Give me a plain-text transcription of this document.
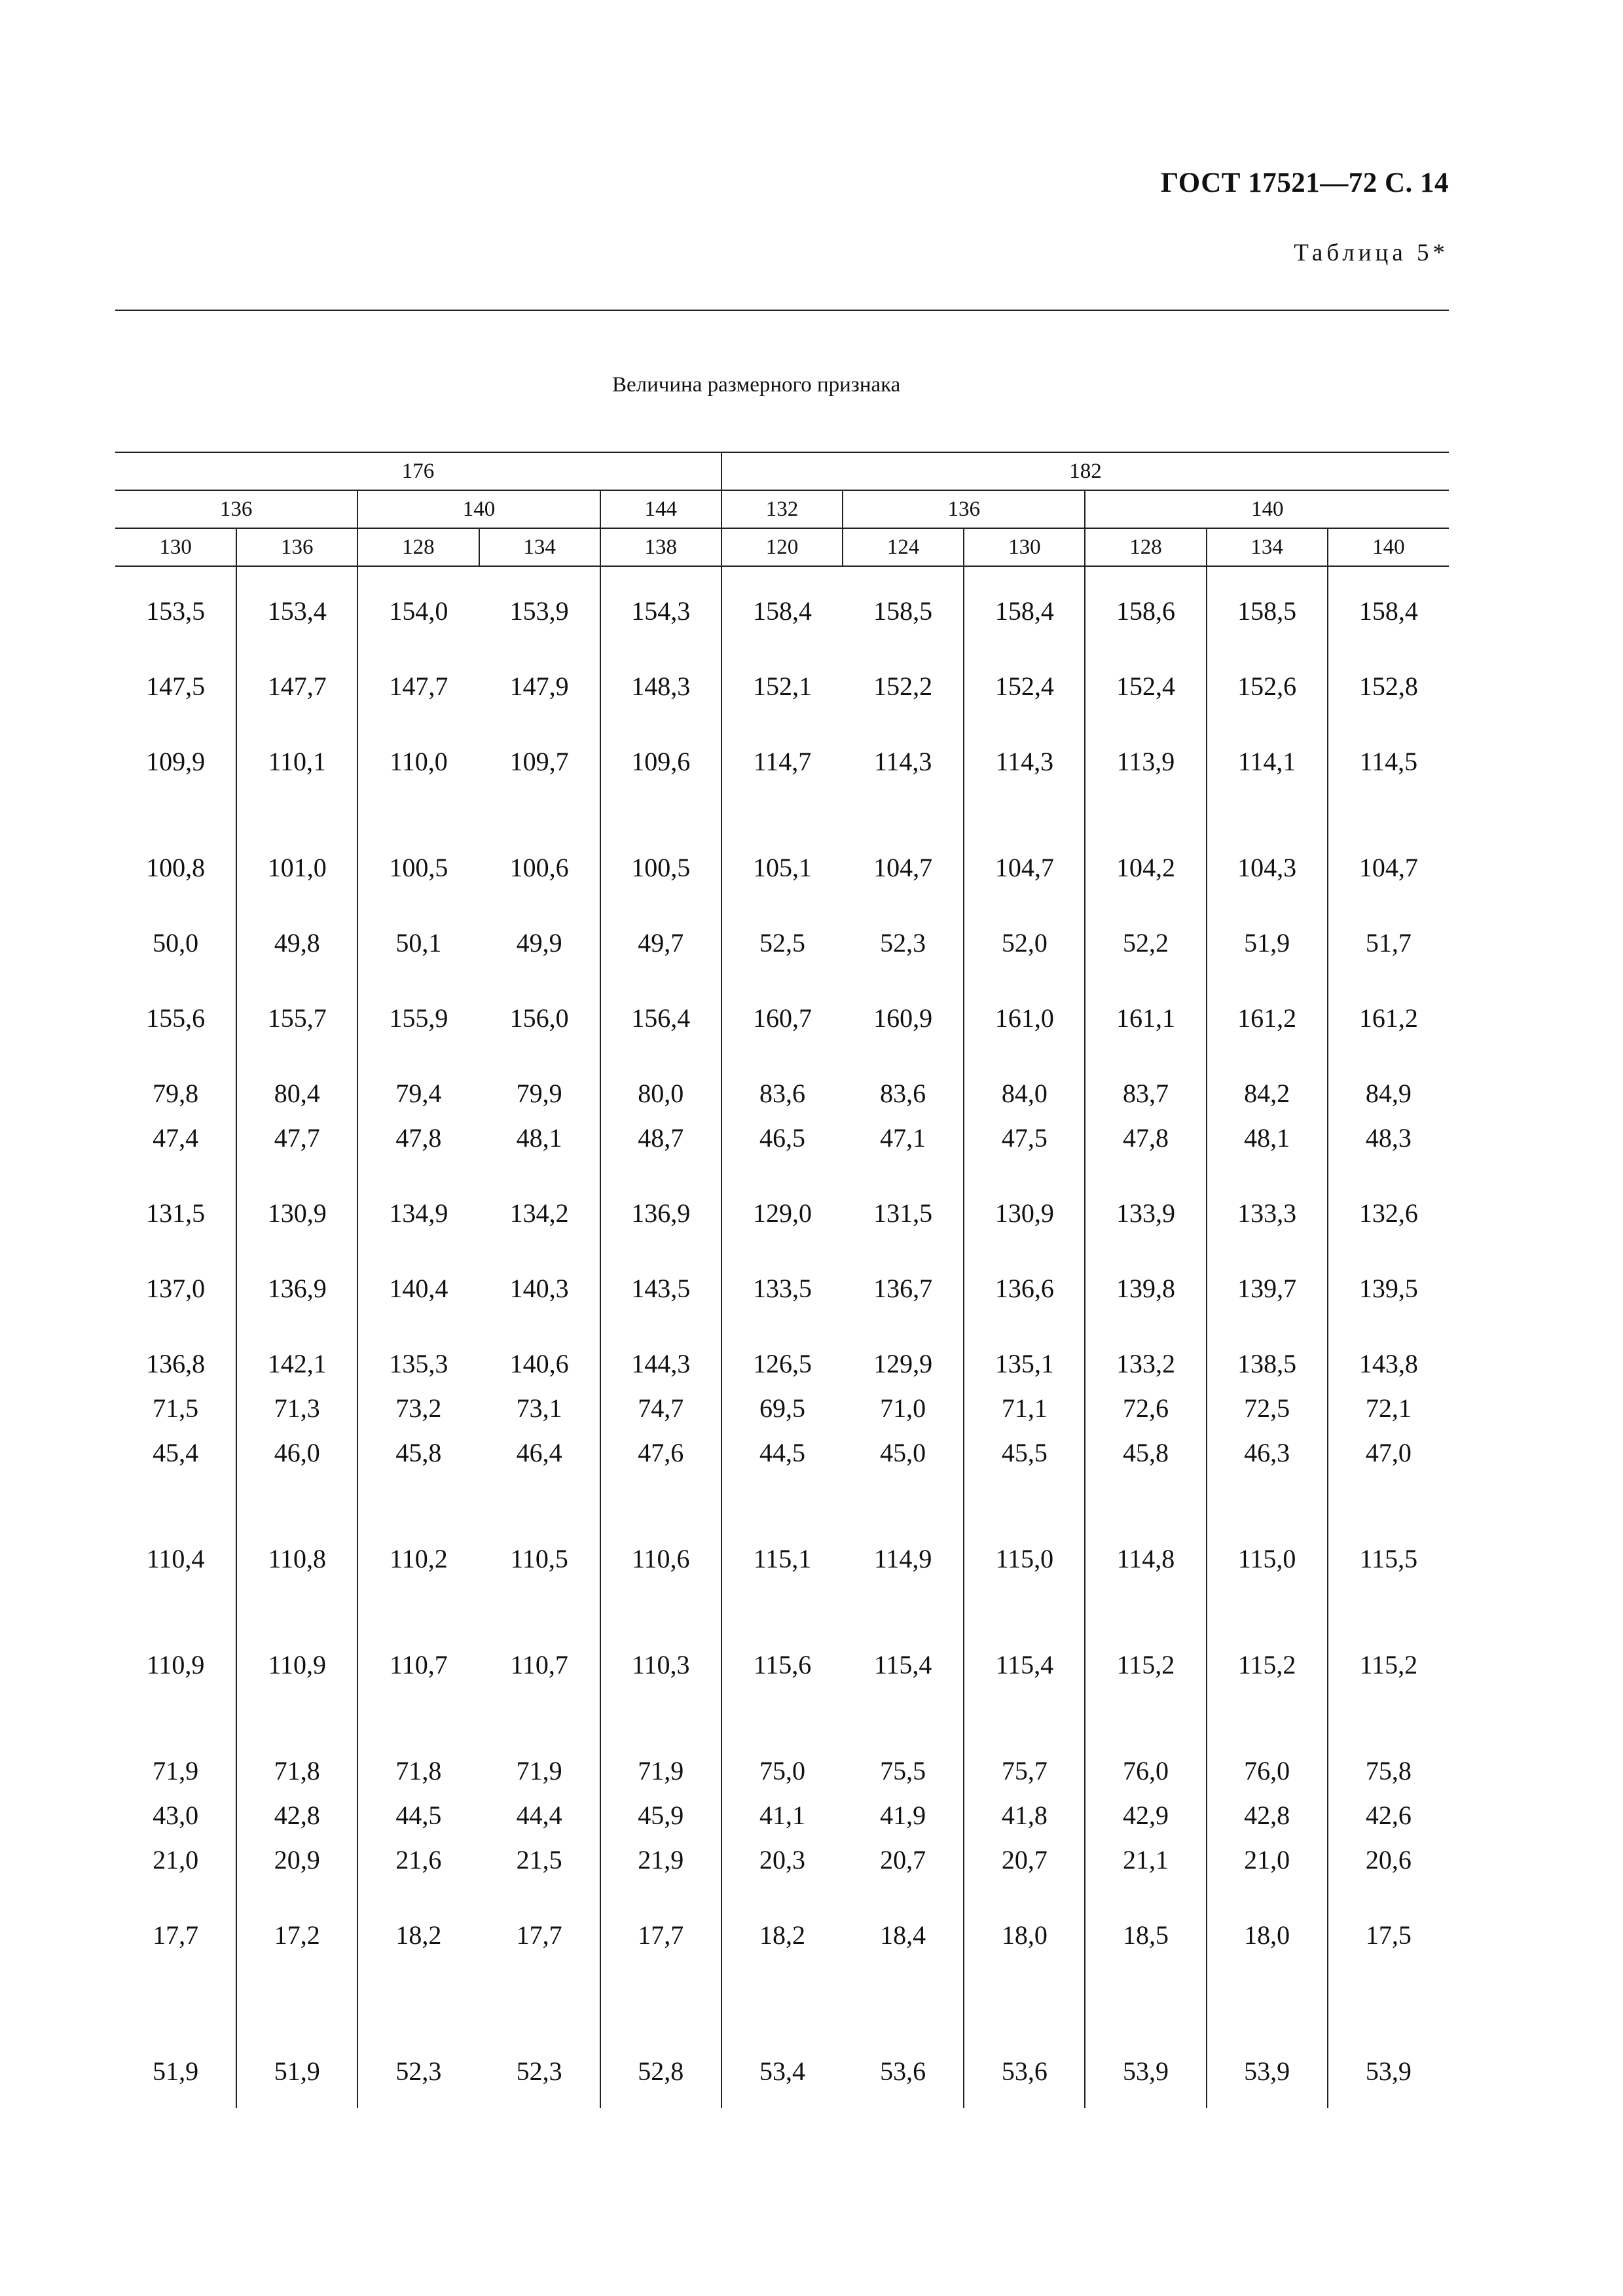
ГОСТ 17521—72 С. 14
Таблица 5*
Величина размерного признака
176					182					
136		140		144	132	136		140		
130	136	128	134	138	120	124	130	128	134	140

153,5	153,4	154,0	153,9	154,3	158,4	158,5	158,4	158,6	158,5	158,4
147,5	147,7	147,7	147,9	148,3	152,1	152,2	152,4	152,4	152,6	152,8
109,9	110,1	110,0	109,7	109,6	114,7	114,3	114,3	113,9	114,1	114,5
100,8	101,0	100,5	100,6	100,5	105,1	104,7	104,7	104,2	104,3	104,7
50,0	49,8	50,1	49,9	49,7	52,5	52,3	52,0	52,2	51,9	51,7
155,6	155,7	155,9	156,0	156,4	160,7	160,9	161,0	161,1	161,2	161,2
79,8	80,4	79,4	79,9	80,0	83,6	83,6	84,0	83,7	84,2	84,9
47,4	47,7	47,8	48,1	48,7	46,5	47,1	47,5	47,8	48,1	48,3
131,5	130,9	134,9	134,2	136,9	129,0	131,5	130,9	133,9	133,3	132,6
137,0	136,9	140,4	140,3	143,5	133,5	136,7	136,6	139,8	139,7	139,5
136,8	142,1	135,3	140,6	144,3	126,5	129,9	135,1	133,2	138,5	143,8
71,5	71,3	73,2	73,1	74,7	69,5	71,0	71,1	72,6	72,5	72,1
45,4	46,0	45,8	46,4	47,6	44,5	45,0	45,5	45,8	46,3	47,0
110,4	110,8	110,2	110,5	110,6	115,1	114,9	115,0	114,8	115,0	115,5
110,9	110,9	110,7	110,7	110,3	115,6	115,4	115,4	115,2	115,2	115,2
71,9	71,8	71,8	71,9	71,9	75,0	75,5	75,7	76,0	76,0	75,8
43,0	42,8	44,5	44,4	45,9	41,1	41,9	41,8	42,9	42,8	42,6
21,0	20,9	21,6	21,5	21,9	20,3	20,7	20,7	21,1	21,0	20,6
17,7	17,2	18,2	17,7	17,7	18,2	18,4	18,0	18,5	18,0	17,5
51,9	51,9	52,3	52,3	52,8	53,4	53,6	53,6	53,9	53,9	53,9
